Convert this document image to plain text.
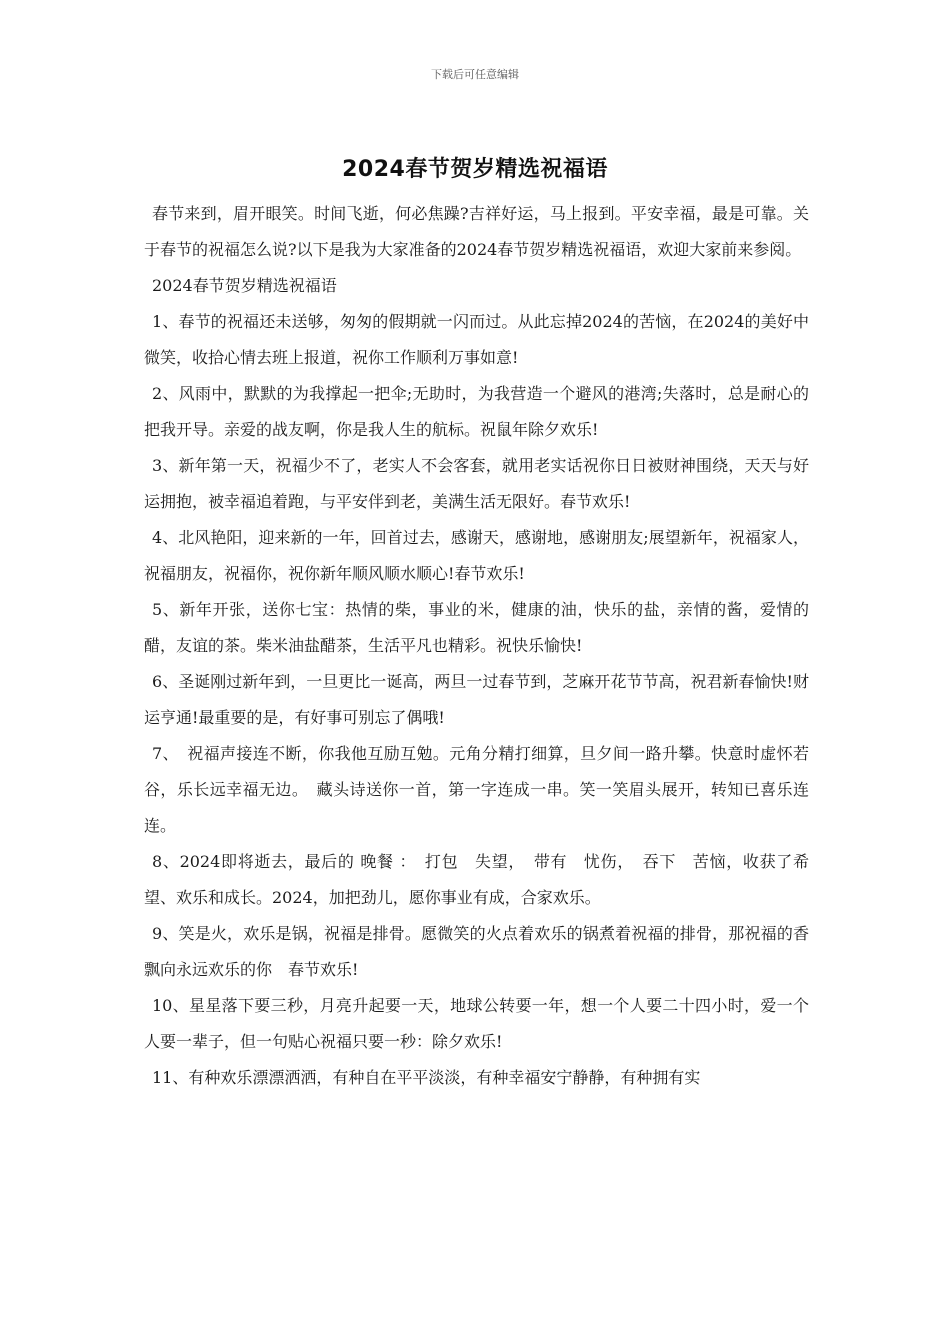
下载后可任意编辑
2024春节贺岁精选祝福语

春节来到，眉开眼笑。时间飞逝，何必焦躁?吉祥好运，马上报到。平安幸福，最是可靠。关于春节的祝福怎么说?以下是我为大家准备的2024春节贺岁精选祝福语，欢迎大家前来参阅。

2024春节贺岁精选祝福语

1、春节的祝福还未送够，匆匆的假期就一闪而过。从此忘掉2024的苦恼，在2024的美好中微笑，收拾心情去班上报道，祝你工作顺利万事如意!

2、风雨中，默默的为我撑起一把伞;无助时，为我营造一个避风的港湾;失落时，总是耐心的把我开导。亲爱的战友啊，你是我人生的航标。祝鼠年除夕欢乐!

3、新年第一天，祝福少不了，老实人不会客套，就用老实话祝你日日被财神围绕，天天与好运拥抱，被幸福追着跑，与平安伴到老，美满生活无限好。春节欢乐!

4、北风艳阳，迎来新的一年，回首过去，感谢天，感谢地，感谢朋友;展望新年，祝福家人，祝福朋友，祝福你，祝你新年顺风顺水顺心!春节欢乐!

5、新年开张，送你七宝：热情的柴，事业的米，健康的油，快乐的盐，亲情的酱，爱情的醋，友谊的茶。柴米油盐醋茶，生活平凡也精彩。祝快乐愉快!

6、圣诞刚过新年到，一旦更比一诞高，两旦一过春节到，芝麻开花节节高，祝君新春愉快!财运亨通!最重要的是，有好事可别忘了偶哦!

7、　祝福声接连不断，你我他互励互勉。元角分精打细算，旦夕间一路升攀。快意时虚怀若谷，乐长远幸福无边。　藏头诗送你一首，第一字连成一串。笑一笑眉头展开，转知已喜乐连连。

8、2024即将逝去，最后的 晚餐 ：　打包　失望，　带有　忧伤，　吞下　苦恼，收获了希望、欢乐和成长。2024，加把劲儿，愿你事业有成，合家欢乐。

9、笑是火，欢乐是锅，祝福是排骨。愿微笑的火点着欢乐的锅煮着祝福的排骨，那祝福的香飘向永远欢乐的你　春节欢乐!

10、星星落下要三秒，月亮升起要一天，地球公转要一年，想一个人要二十四小时，爱一个人要一辈子，但一句贴心祝福只要一秒：除夕欢乐!

11、有种欢乐漂漂洒洒，有种自在平平淡淡，有种幸福安宁静静，有种拥有实
